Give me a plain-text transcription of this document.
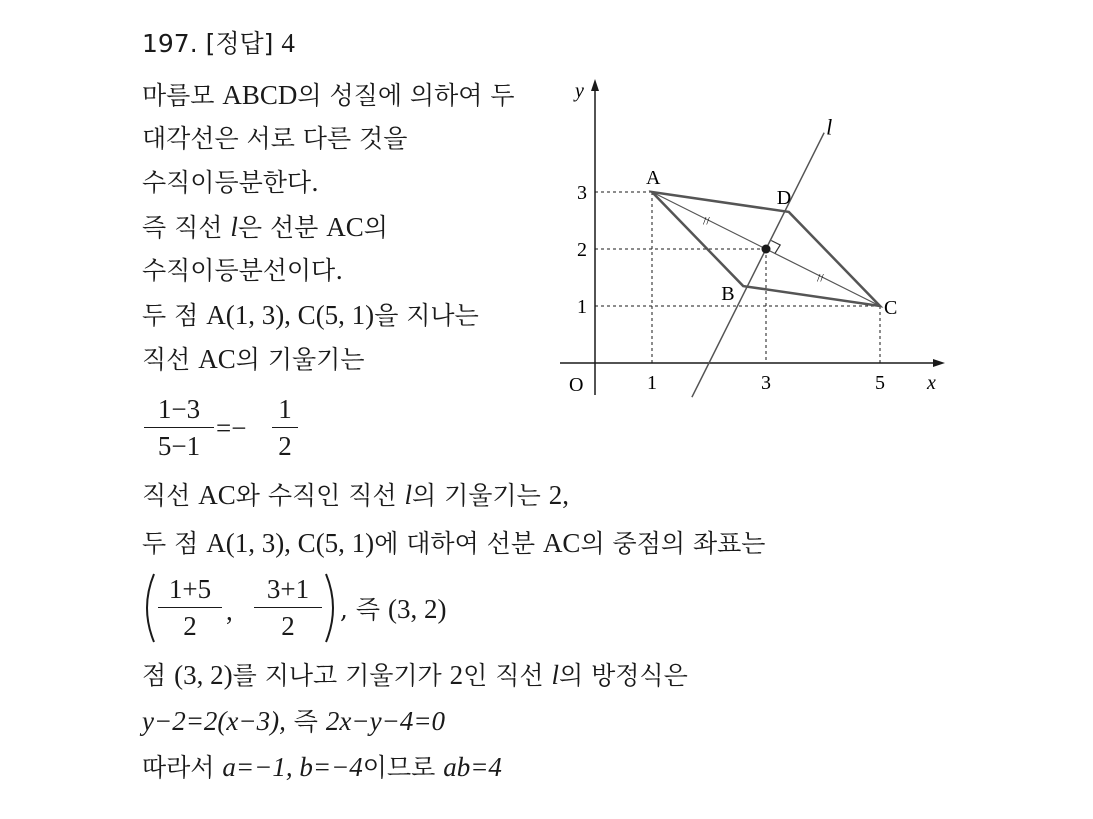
197. [정답] 4
마름모 ABCD의 성질에 의하여 두
대각선은 서로 다른 것을
수직이등분한다.
즉 직선 l은 선분 AC의
수직이등분선이다.
두 점 A(1, 3), C(5, 1)을 지나는
직선 AC의 기울기는
1−3
5−1
=−
1
2
직선 AC와 수직인 직선 l의 기울기는 2,
두 점 A(1, 3), C(5, 1)에 대하여 선분 AC의 중점의 좌표는
1+5
2	,
3+1
2
, 즉 (3, 2)
점 (3, 2)를 지나고 기울기가 2인 직선 l의 방정식은
y−2=2(x−3), 즉 2x−y−4=0
따라서 a=−1, b=−4이므로 ab=4
y
x
O	1	3	5
1
2
3
l
//
//
A
B
C
D
